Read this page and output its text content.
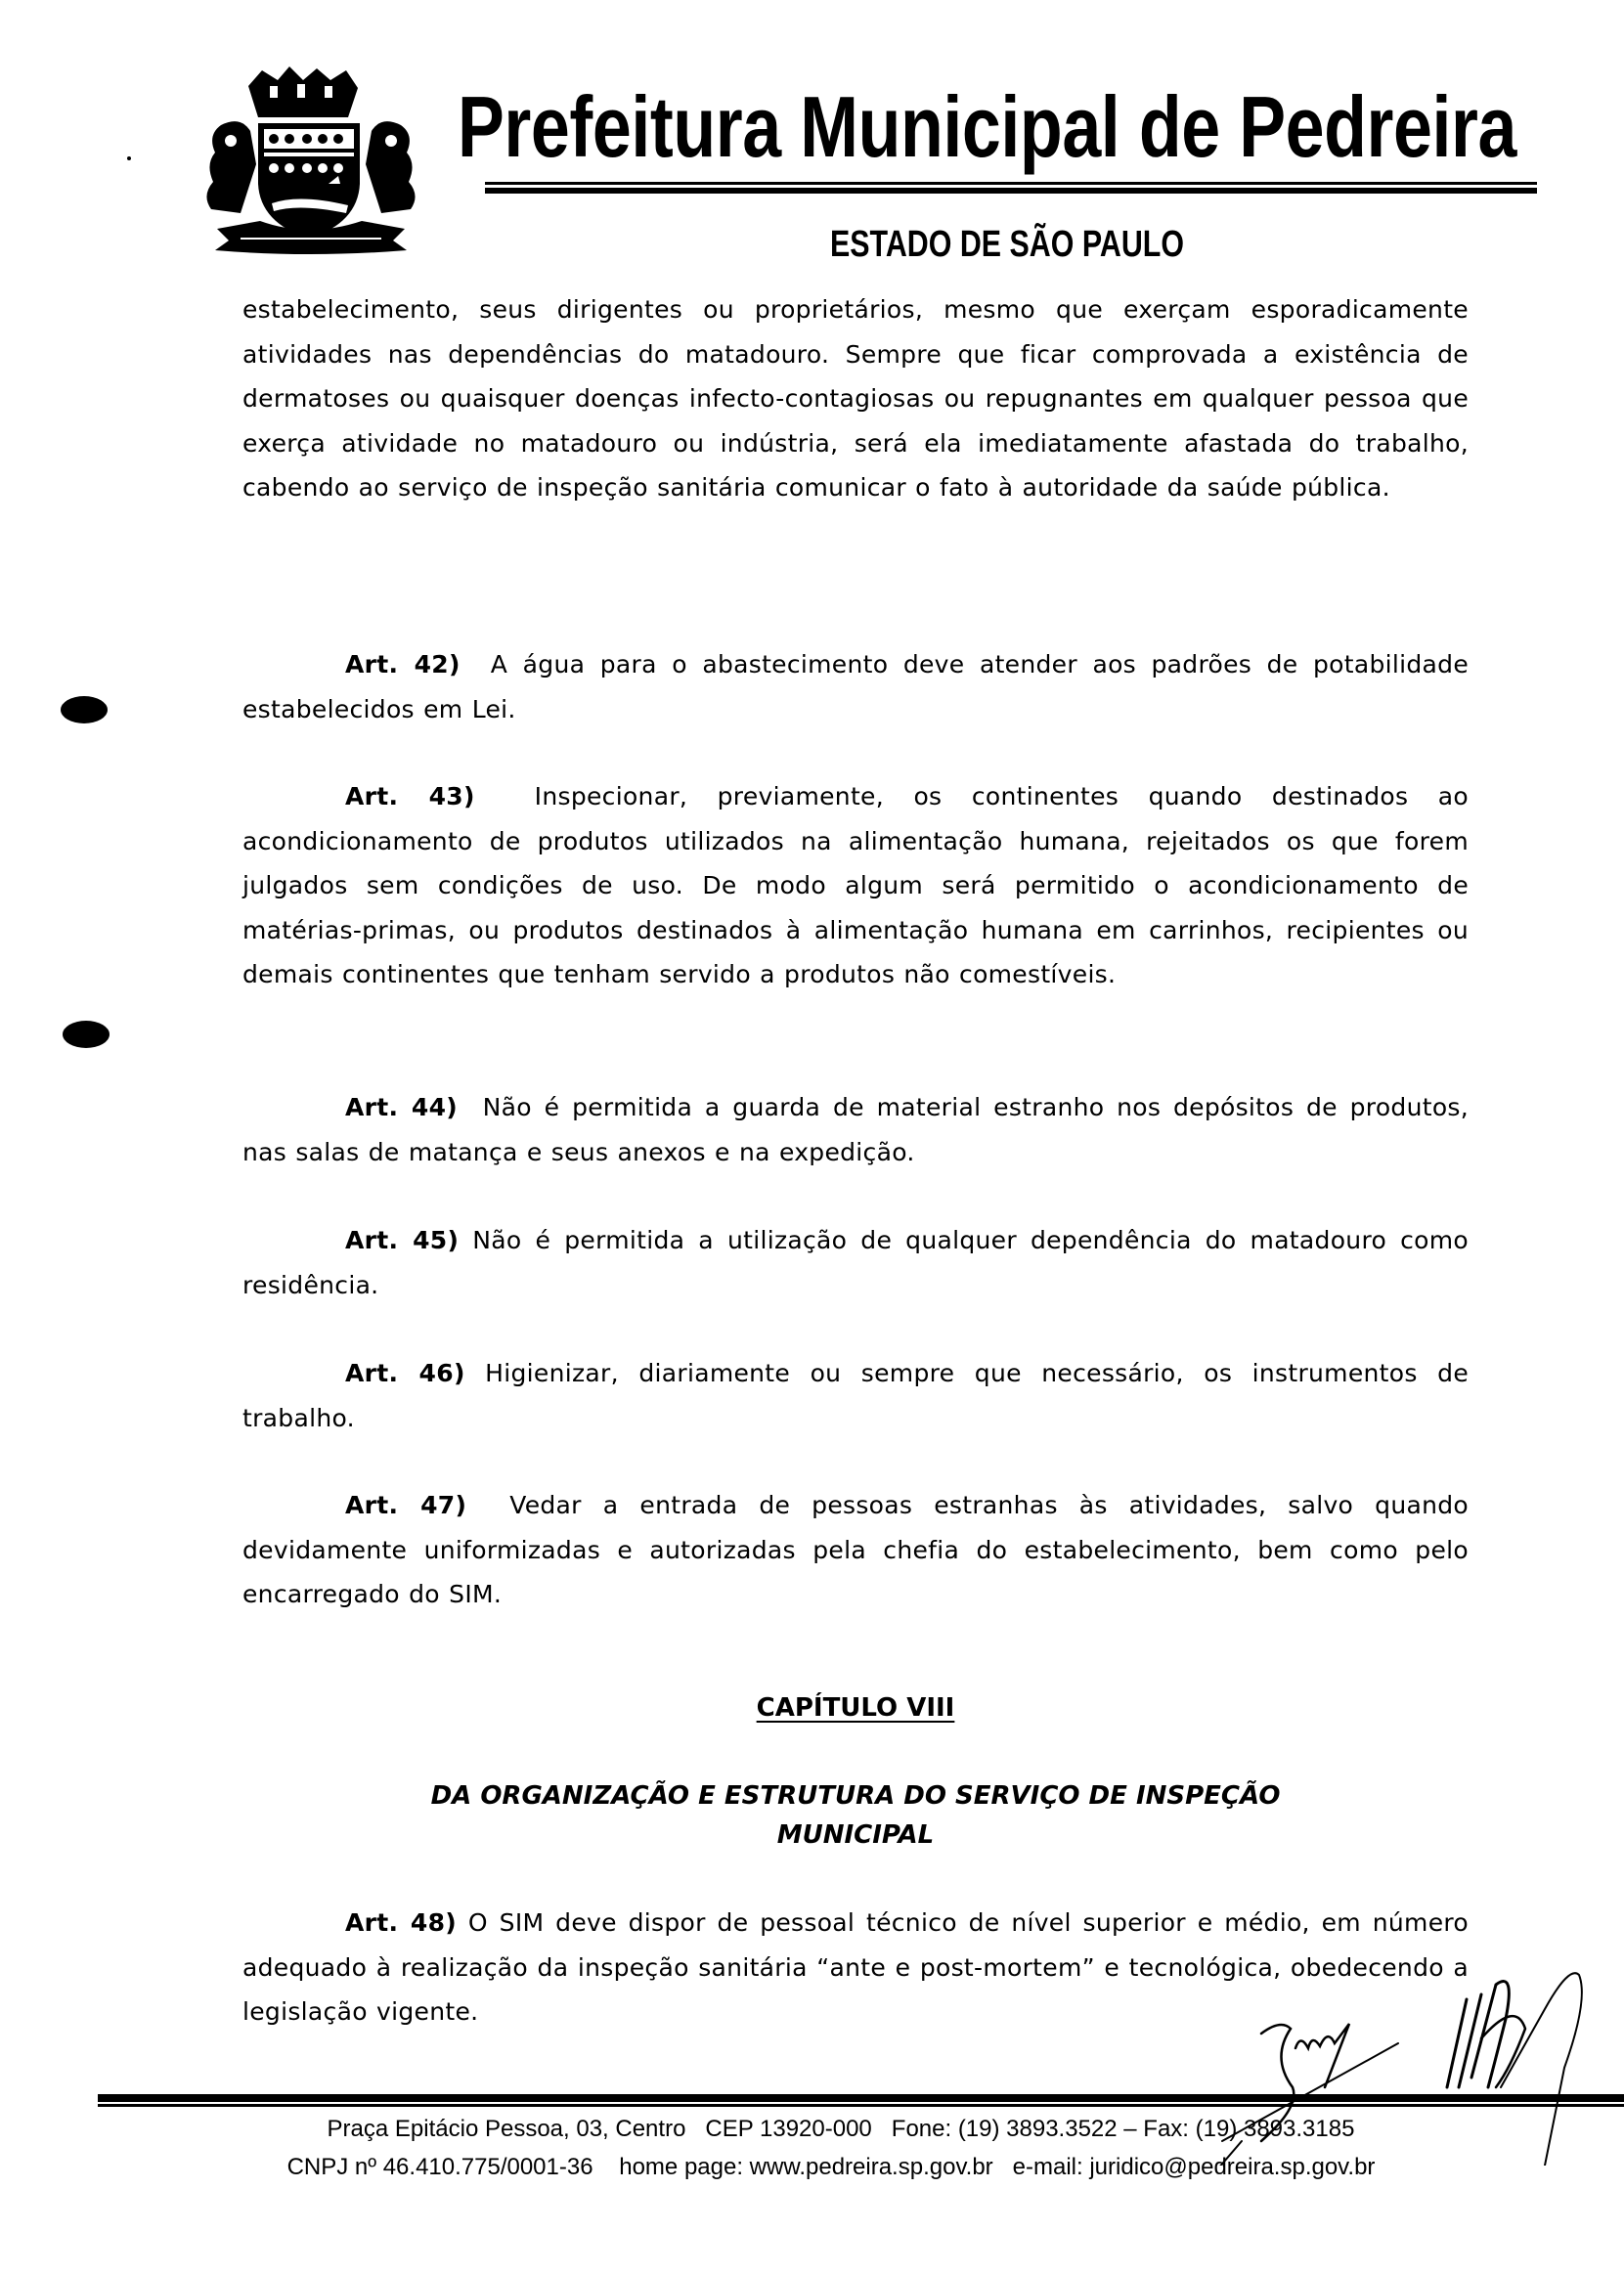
Prefeitura Municipal de Pedreira
ESTADO DE SÃO PAULO
estabelecimento, seus dirigentes ou proprietários, mesmo que exerçam esporadicamente atividades nas dependências do matadouro. Sempre que ficar comprovada a existência de dermatoses ou quaisquer doenças infecto-contagiosas ou repugnantes em qualquer pessoa que exerça atividade no matadouro ou indústria, será ela imediatamente afastada do trabalho, cabendo ao serviço de inspeção sanitária comunicar o fato à autoridade da saúde pública.
Art. 42) A água para o abastecimento deve atender aos padrões de potabilidade estabelecidos em Lei.
Art. 43) Inspecionar, previamente, os continentes quando destinados ao acondicionamento de produtos utilizados na alimentação humana, rejeitados os que forem julgados sem condições de uso. De modo algum será permitido o acondicionamento de matérias-primas, ou produtos destinados à alimentação humana em carrinhos, recipientes ou demais continentes que tenham servido a produtos não comestíveis.
Art. 44) Não é permitida a guarda de material estranho nos depósitos de produtos, nas salas de matança e seus anexos e na expedição.
Art. 45) Não é permitida a utilização de qualquer dependência do matadouro como residência.
Art. 46) Higienizar, diariamente ou sempre que necessário, os instrumentos de trabalho.
Art. 47) Vedar a entrada de pessoas estranhas às atividades, salvo quando devidamente uniformizadas e autorizadas pela chefia do estabelecimento, bem como pelo encarregado do SIM.
CAPÍTULO VIII
DA ORGANIZAÇÃO E ESTRUTURA DO SERVIÇO DE INSPEÇÃO
MUNICIPAL
Art. 48) O SIM deve dispor de pessoal técnico de nível superior e médio, em número adequado à realização da inspeção sanitária “ante e post-mortem” e tecnológica, obedecendo a legislação vigente.
Praça Epitácio Pessoa, 03, Centro   CEP 13920-000   Fone: (19) 3893.3522 – Fax: (19) 3893.3185
CNPJ nº 46.410.775/0001-36    home page: www.pedreira.sp.gov.br   e-mail: juridico@pedreira.sp.gov.br
